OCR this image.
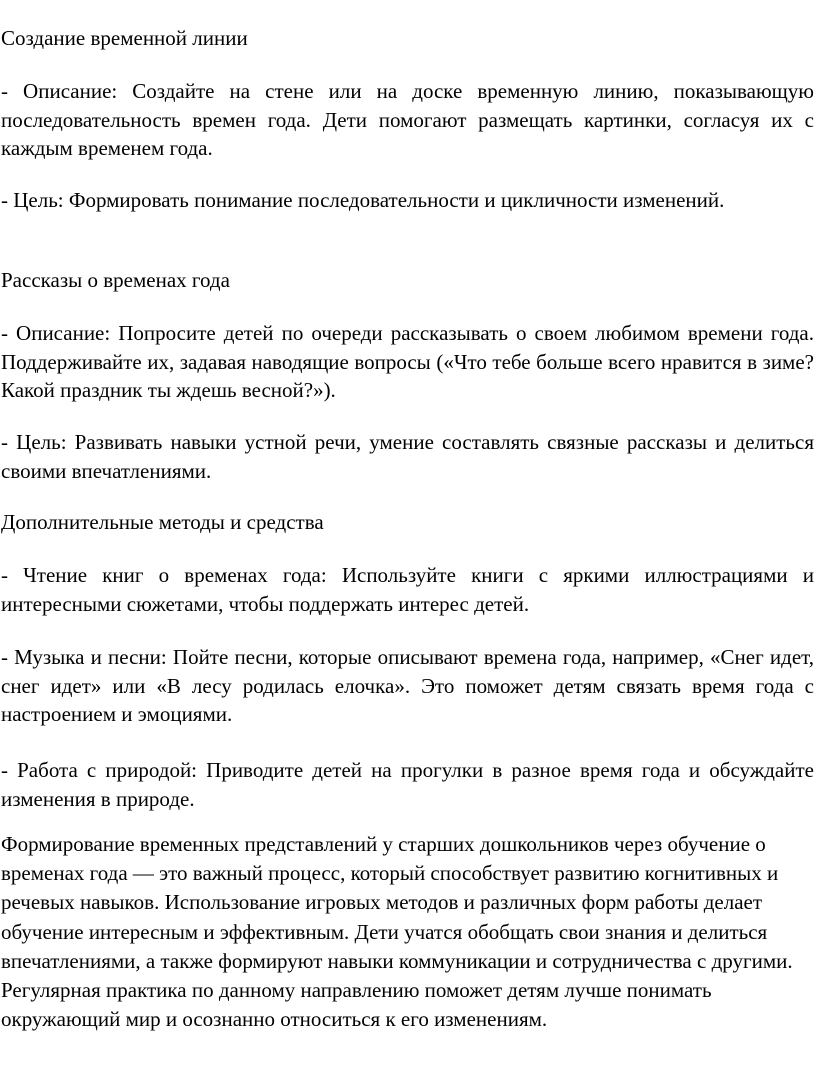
Создание временной линии

- Описание: Создайте на стене или на доске временную линию, показывающую последовательность времен года. Дети помогают размещать картинки, согласуя их с каждым временем года.

- Цель: Формировать понимание последовательности и цикличности изменений.

Рассказы о временах года

- Описание: Попросите детей по очереди рассказывать о своем любимом времени года. Поддерживайте их, задавая наводящие вопросы («Что тебе больше всего нравится в зиме? Какой праздник ты ждешь весной?»).

- Цель: Развивать навыки устной речи, умение составлять связные рассказы и делиться своими впечатлениями.

Дополнительные методы и средства

- Чтение книг о временах года: Используйте книги с яркими иллюстрациями и интересными сюжетами, чтобы поддержать интерес детей.

- Музыка и песни: Пойте песни, которые описывают времена года, например, «Снег идет, снег идет» или «В лесу родилась елочка». Это поможет детям связать время года с настроением и эмоциями.

- Работа с природой: Приводите детей на прогулки в разное время года и обсуждайте изменения в природе.

Формирование временных представлений у старших дошкольников через обучение о временах года — это важный процесс, который способствует развитию когнитивных и речевых навыков. Использование игровых методов и различных форм работы делает обучение интересным и эффективным. Дети учатся обобщать свои знания и делиться впечатлениями, а также формируют навыки коммуникации и сотрудничества с другими. Регулярная практика по данному направлению поможет детям лучше понимать окружающий мир и осознанно относиться к его изменениям.
